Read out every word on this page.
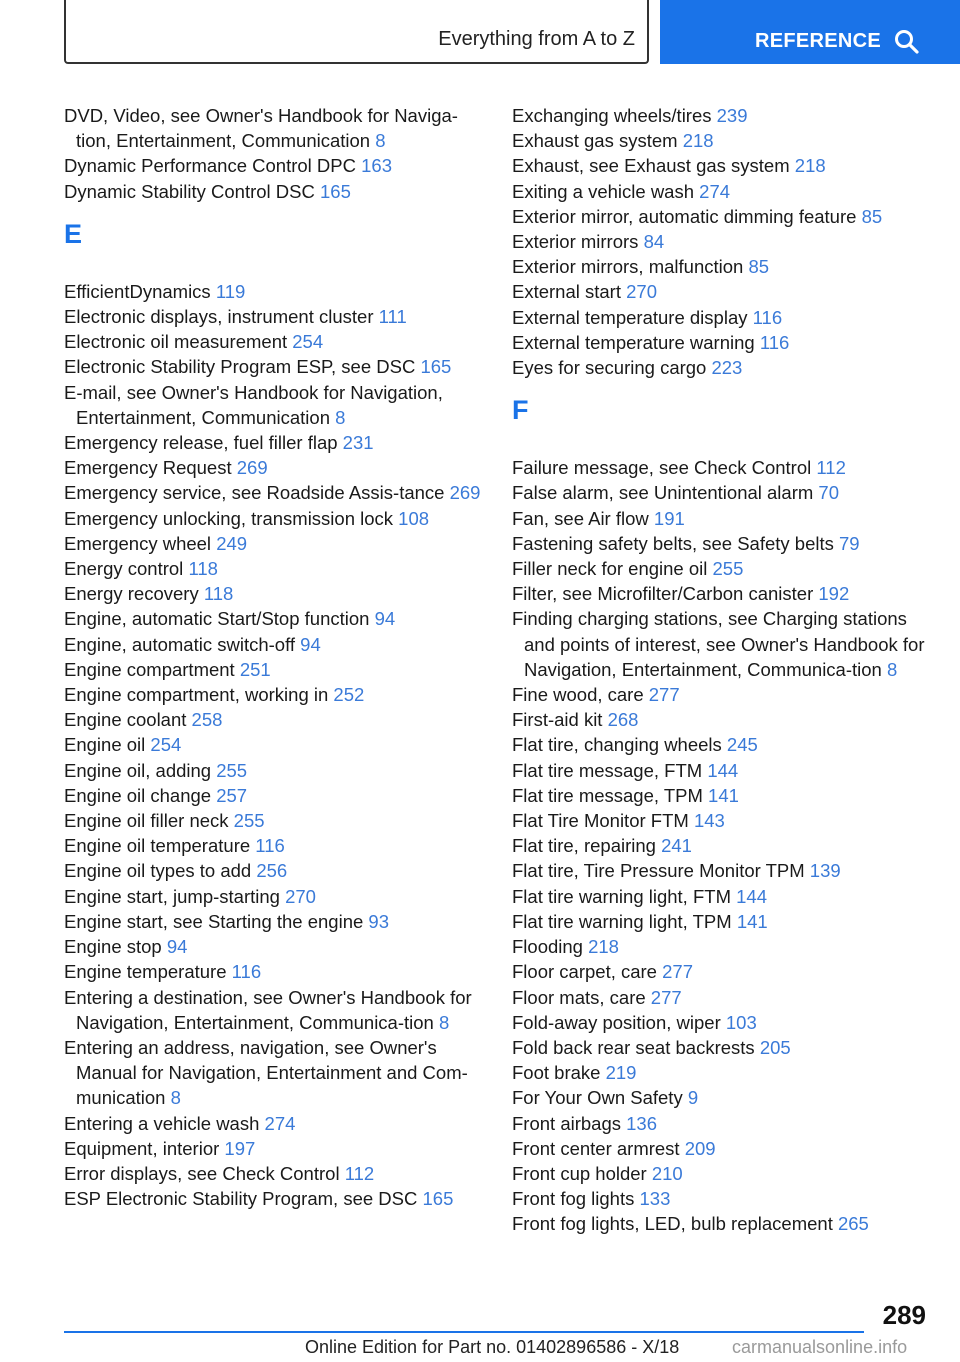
Everything from A to Z	REFERENCE
DVD, Video, see Owner's Handbook for Naviga‐tion, Entertainment, Communication 8
Dynamic Performance Control DPC 163
Dynamic Stability Control DSC 165
E
EfficientDynamics 119
Electronic displays, instrument cluster 111
Electronic oil measurement 254
Electronic Stability Program ESP, see DSC 165
E-mail, see Owner's Handbook for Navigation, Entertainment, Communication 8
Emergency release, fuel filler flap 231
Emergency Request 269
Emergency service, see Roadside Assis‐tance 269
Emergency unlocking, transmission lock 108
Emergency wheel 249
Energy control 118
Energy recovery 118
Engine, automatic Start/Stop function 94
Engine, automatic switch-off 94
Engine compartment 251
Engine compartment, working in 252
Engine coolant 258
Engine oil 254
Engine oil, adding 255
Engine oil change 257
Engine oil filler neck 255
Engine oil temperature 116
Engine oil types to add 256
Engine start, jump-starting 270
Engine start, see Starting the engine 93
Engine stop 94
Engine temperature 116
Entering a destination, see Owner's Handbook for Navigation, Entertainment, Communica‐tion 8
Entering an address, navigation, see Owner's Manual for Navigation, Entertainment and Com‐munication 8
Entering a vehicle wash 274
Equipment, interior 197
Error displays, see Check Control 112
ESP Electronic Stability Program, see DSC 165
Exchanging wheels/tires 239
Exhaust gas system 218
Exhaust, see Exhaust gas system 218
Exiting a vehicle wash 274
Exterior mirror, automatic dimming feature 85
Exterior mirrors 84
Exterior mirrors, malfunction 85
External start 270
External temperature display 116
External temperature warning 116
Eyes for securing cargo 223
F
Failure message, see Check Control 112
False alarm, see Unintentional alarm 70
Fan, see Air flow 191
Fastening safety belts, see Safety belts 79
Filler neck for engine oil 255
Filter, see Microfilter/Carbon canister 192
Finding charging stations, see Charging stations and points of interest, see Owner's Handbook for Navigation, Entertainment, Communica‐tion 8
Fine wood, care 277
First-aid kit 268
Flat tire, changing wheels 245
Flat tire message, FTM 144
Flat tire message, TPM 141
Flat Tire Monitor FTM 143
Flat tire, repairing 241
Flat tire, Tire Pressure Monitor TPM 139
Flat tire warning light, FTM 144
Flat tire warning light, TPM 141
Flooding 218
Floor carpet, care 277
Floor mats, care 277
Fold-away position, wiper 103
Fold back rear seat backrests 205
Foot brake 219
For Your Own Safety 9
Front airbags 136
Front center armrest 209
Front cup holder 210
Front fog lights 133
Front fog lights, LED, bulb replacement 265
289
Online Edition for Part no. 01402896586 - X/18	carmanualsonline.info
